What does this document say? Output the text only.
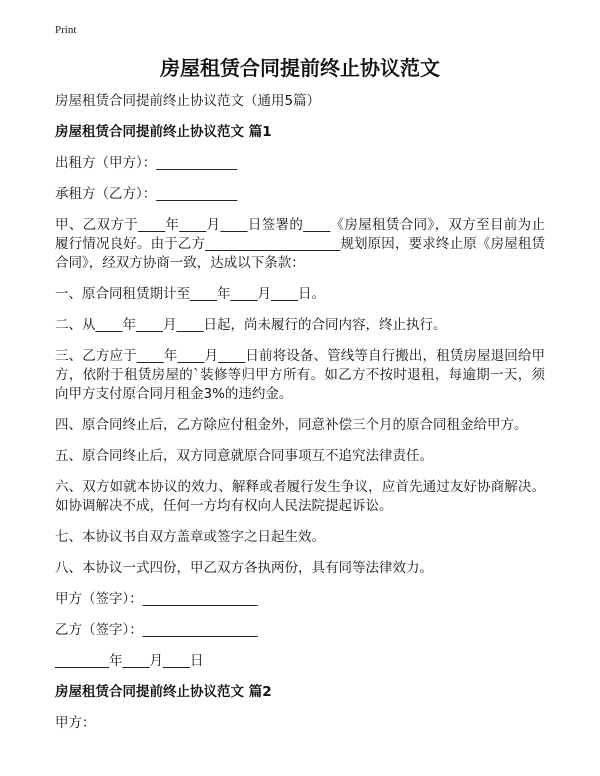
Print
房屋租赁合同提前终止协议范文

房屋租赁合同提前终止协议范文（通用5篇）

房屋租赁合同提前终止协议范文 篇1

出租方（甲方）：____________

承租方（乙方）：____________

甲、乙双方于____年____月____日签署的____《房屋租赁合同》，双方至目前为止
履行情况良好。由于乙方____________________规划原因，要求终止原《房屋租赁
合同》，经双方协商一致，达成以下条款：

一、原合同租赁期计至____年____月____日。

二、从____年____月____日起，尚未履行的合同内容，终止执行。

三、乙方应于____年____月____日前将设备、管线等自行搬出，租赁房屋退回给甲
方，依附于租赁房屋的`装修等归甲方所有。如乙方不按时退租，每逾期一天，须
向甲方支付原合同月租金3%的违约金。

四、原合同终止后，乙方除应付租金外，同意补偿三个月的原合同租金给甲方。

五、原合同终止后，双方同意就原合同事项互不追究法律责任。

六、双方如就本协议的效力、解释或者履行发生争议，应首先通过友好协商解决。
如协调解决不成，任何一方均有权向人民法院提起诉讼。

七、本协议书自双方盖章或签字之日起生效。

八、本协议一式四份，甲乙双方各执两份，具有同等法律效力。

甲方（签字）：_________________

乙方（签字）：_________________

________年____月____日

房屋租赁合同提前终止协议范文 篇2

甲方：
